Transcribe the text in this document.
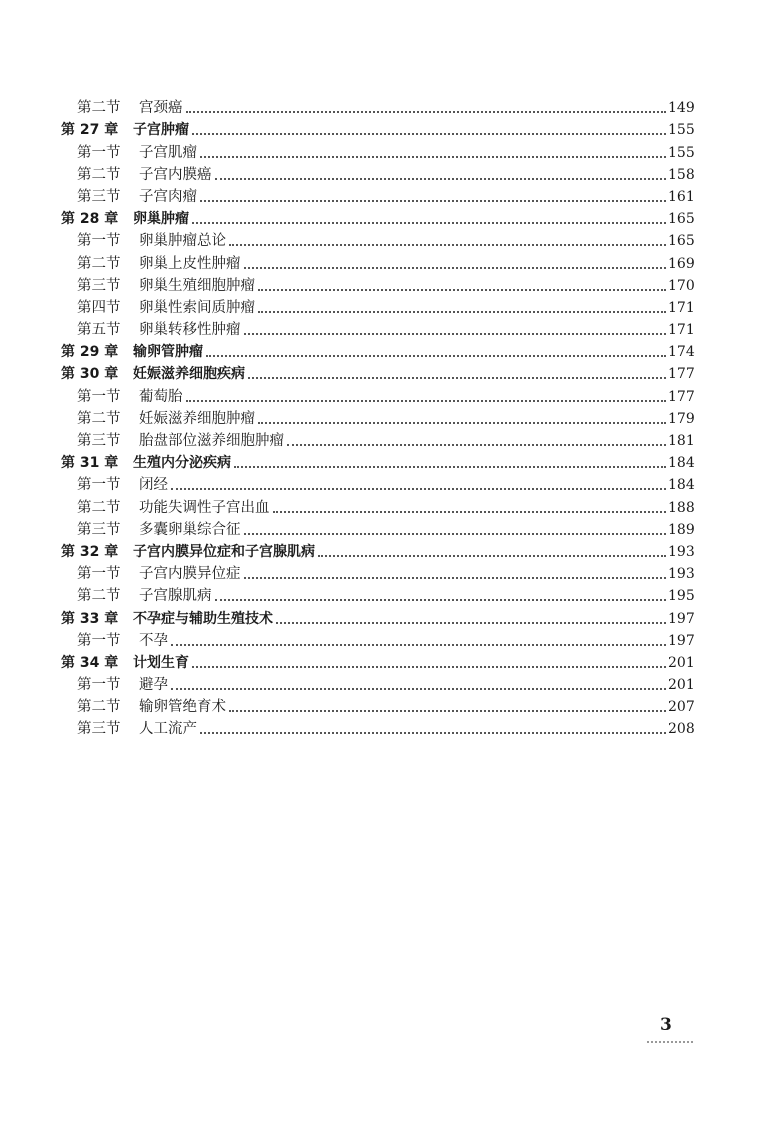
第二节	宫颈癌	149
第 27 章	子宫肿瘤	155
第一节	子宫肌瘤	155
第二节	子宫内膜癌	158
第三节	子宫肉瘤	161
第 28 章	卵巢肿瘤	165
第一节	卵巢肿瘤总论	165
第二节	卵巢上皮性肿瘤	169
第三节	卵巢生殖细胞肿瘤	170
第四节	卵巢性索间质肿瘤	171
第五节	卵巢转移性肿瘤	171
第 29 章	输卵管肿瘤	174
第 30 章	妊娠滋养细胞疾病	177
第一节	葡萄胎	177
第二节	妊娠滋养细胞肿瘤	179
第三节	胎盘部位滋养细胞肿瘤	181
第 31 章	生殖内分泌疾病	184
第一节	闭经	184
第二节	功能失调性子宫出血	188
第三节	多囊卵巢综合征	189
第 32 章	子宫内膜异位症和子宫腺肌病	193
第一节	子宫内膜异位症	193
第二节	子宫腺肌病	195
第 33 章	不孕症与辅助生殖技术	197
第一节	不孕	197
第 34 章	计划生育	201
第一节	避孕	201
第二节	输卵管绝育术	207
第三节	人工流产	208
3
